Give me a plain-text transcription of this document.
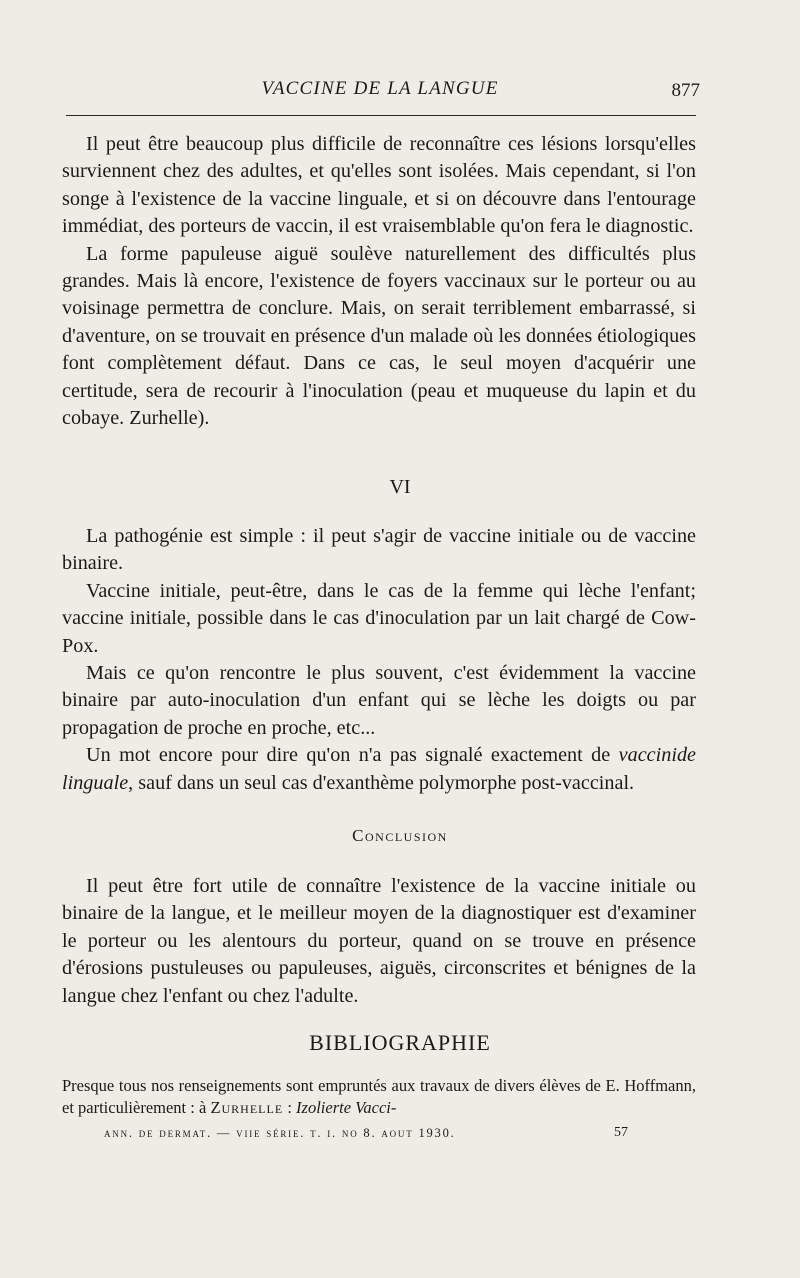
VACCINE DE LA LANGUE	877

Il peut être beaucoup plus difficile de reconnaître ces lésions lorsqu'elles surviennent chez des adultes, et qu'elles sont isolées. Mais cependant, si l'on songe à l'existence de la vaccine linguale, et si on découvre dans l'entourage immédiat, des porteurs de vaccin, il est vraisemblable qu'on fera le diagnostic.

La forme papuleuse aiguë soulève naturellement des difficultés plus grandes. Mais là encore, l'existence de foyers vaccinaux sur le porteur ou au voisinage permettra de conclure. Mais, on serait terriblement embarrassé, si d'aventure, on se trouvait en présence d'un malade où les données étiologiques font complètement défaut. Dans ce cas, le seul moyen d'acquérir une certitude, sera de recourir à l'inoculation (peau et muqueuse du lapin et du cobaye. Zurhelle).

VI

La pathogénie est simple : il peut s'agir de vaccine initiale ou de vaccine binaire.

Vaccine initiale, peut-être, dans le cas de la femme qui lèche l'enfant; vaccine initiale, possible dans le cas d'inoculation par un lait chargé de Cow-Pox.

Mais ce qu'on rencontre le plus souvent, c'est évidemment la vaccine binaire par auto-inoculation d'un enfant qui se lèche les doigts ou par propagation de proche en proche, etc...

Un mot encore pour dire qu'on n'a pas signalé exactement de vaccinide linguale, sauf dans un seul cas d'exanthème polymorphe post-vaccinal.

Conclusion

Il peut être fort utile de connaître l'existence de la vaccine initiale ou binaire de la langue, et le meilleur moyen de la diagnostiquer est d'examiner le porteur ou les alentours du porteur, quand on se trouve en présence d'érosions pustuleuses ou papuleuses, aiguës, circonscrites et bénignes de la langue chez l'enfant ou chez l'adulte.

BIBLIOGRAPHIE

Presque tous nos renseignements sont empruntés aux travaux de divers élèves de E. Hoffmann, et particulièrement : à Zurhelle : Izolierte Vacci-

ann. de dermat. — viie série. t. i. no 8. aout 1930.	57
